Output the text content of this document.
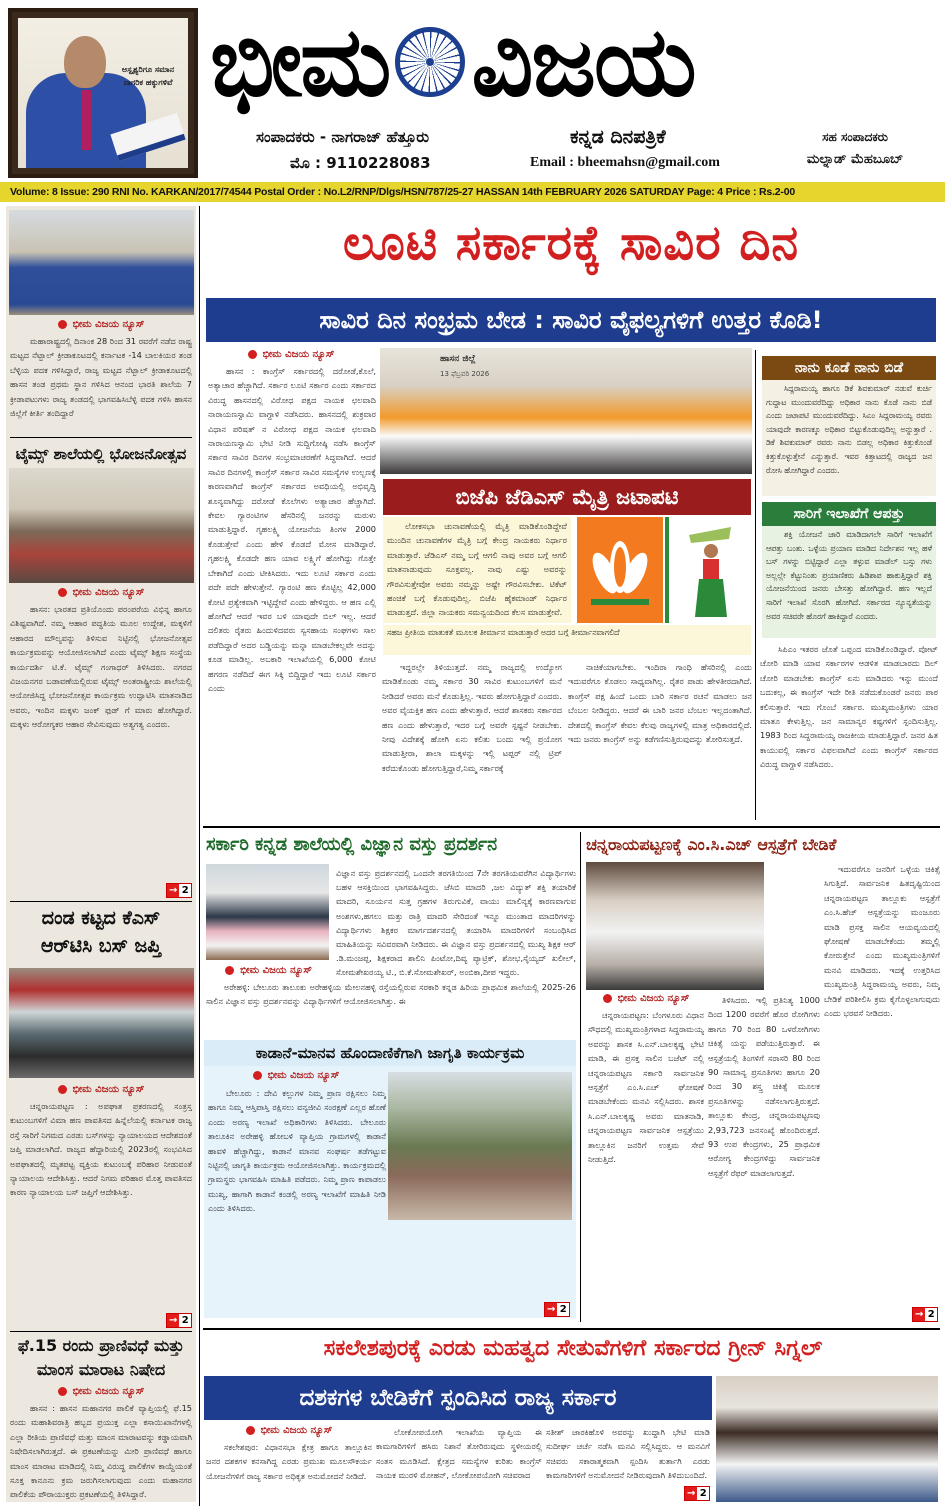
ಅಸ್ಪೃಶ್ಯರಿಗೂ ಸಮಾನ ನಾಗರಿಕ ಹಕ್ಕುಗಳಿವೆ ಭೀಮ ವಿಜಯ
ಸಂಪಾದಕರು - ನಾಗರಾಜ್ ಹೆತ್ತೂರು
ಮೊ : 9110228083
ಕನ್ನಡ ದಿನಪತ್ರಿಕೆ
Email : bheemahsn@gmail.com
ಸಹ ಸಂಪಾದಕರು
ಮಲ್ನಾಡ್ ಮೆಹಬೂಬ್
Volume: 8 Issue: 290 RNI No. KARKAN/2017/74544 Postal Order : No.L2/RNP/Dlgs/HSN/787/25-27 HASSAN 14th FEBRUARY 2026 SATURDAY Page: 4 Price : Rs.2-00
ಭೀಮ ವಿಜಯ ನ್ಯೂಸ್
ಮಹಾರಾಷ್ಟ್ರದಲ್ಲಿ ದಿನಾಂಕ 28 ರಿಂದ 31 ರವರೆಗೆ ನಡೆದ ರಾಷ್ಟ್ರ ಮಟ್ಟದ ನೆಟ್ಬಾಲ್ ಕ್ರೀಡಾಕೂಟದಲ್ಲಿ ಕರ್ನಾಟಕ -14 ಬಾಲಕಿಯರ ತಂಡ ಬೆಳ್ಳಿಯ ಪದಕ ಗಳಿಸಿದ್ದಾರೆ, ರಾಜ್ಯ ಮಟ್ಟದ ನೆಟ್ಬಾಲ್ ಕ್ರೀಡಾಕೂಟದಲ್ಲಿ ಹಾಸನ ತಂಡ ಪ್ರಥಮ ಸ್ಥಾನ ಗಳಿಸಿದ ಆನಂದ ಭಾರತಿ ಶಾಲೆಯ 7 ಕ್ರೀಡಾಪಟುಗಳು ರಾಜ್ಯ ತಂಡದಲ್ಲಿ ಭಾಗವಹಿಸಿಬೆಳ್ಳಿ ಪದಕ ಗಳಿಸಿ ಹಾಸನ ಜಿಲ್ಲೆಗೆ ಕೀರ್ತಿ ತಂದಿದ್ದಾರೆ
ಟೈಮ್ಸ್ ಶಾಲೆಯಲ್ಲಿ ಭೋಜನೋತ್ಸವ
ಭೀಮ ವಿಜಯ ನ್ಯೂಸ್
ಹಾಸನ: ಭಾರತದ ಪ್ರತಿಯೊಂದು ಪರಂಪರೆಯ ವಿಭಿನ್ನ ಹಾಗೂ ವಿಶಿಷ್ಟವಾಗಿದೆ. ನಮ್ಮ ಆಹಾರ ಪದ್ಧತಿಯ ಮೂಲ ಉದ್ದೇಶ, ಮಕ್ಕಳಿಗೆ ಆಹಾರದ ಮೌಲ್ಯವನ್ನು ತಿಳಿಸುವ ನಿಟ್ಟಿನಲ್ಲಿ ಭೋಜನೋತ್ಸವ ಕಾರ್ಯಕ್ರಮವನ್ನು ಆಯೋಜಿಸಲಾಗಿದೆ ಎಂದು ಟೈಮ್ಸ್ ಶಿಕ್ಷಣ ಸಂಸ್ಥೆಯ ಕಾರ್ಯದರ್ಶಿ ಟಿ.ಕೆ. ಟೈಮ್ಸ್ ಗಂಗಾಧರ್ ತಿಳಿಸಿದರು. ನಗರದ ವಿಜಯನಗರ ಬಡಾವಣೆಯಲ್ಲಿರುವ ಟೈಮ್ಸ್ ಅಂತರಾಷ್ಟ್ರೀಯ ಶಾಲೆಯಲ್ಲಿ ಆಯೋಜಿಸಿದ್ದ ಭೋಜನೋತ್ಸವ ಕಾರ್ಯಕ್ರಮ ಉದ್ಘಾಟಿಸಿ ಮಾತನಾಡಿದ ಅವರು, ಇಂದಿನ ಮಕ್ಕಳು ಜಂಕ್ ಫುಡ್ ಗೆ ಮಾರು ಹೋಗಿದ್ದಾರೆ. ಮಕ್ಕಳು ಆರೋಗ್ಯಕರ ಆಹಾರ ಸೇವಿಸುವುದು ಅತ್ಯಗತ್ಯ ಎಂದರು.
→ 2
ದಂಡ ಕಟ್ಟದ ಕೆಎಸ್ ಆರ್‌ಟಿಸಿ ಬಸ್ ಜಪ್ತಿ
ಭೀಮ ವಿಜಯ ನ್ಯೂಸ್
ಚನ್ನರಾಯಪಟ್ಟಣ : ಅಪಘಾತ ಪ್ರಕರಣದಲ್ಲಿ ಸಂತ್ರಸ್ತ ಕುಟುಂಬಗಳಿಗೆ ವಿಮಾ ಹಣ ಪಾವತಿಸದ ಹಿನ್ನೆಲೆಯಲ್ಲಿ ಕರ್ನಾಟಕ ರಾಜ್ಯ ರಸ್ತೆ ಸಾರಿಗೆ ನಿಗಮದ ಎರಡು ಬಸ್‌ಗಳನ್ನು ನ್ಯಾಯಾಲಯದ ಆದೇಶದಂತೆ ಜಪ್ತಿ ಮಾಡಲಾಗಿದೆ. ರಾಜ್ಯದ ಹೆದ್ದಾರಿಯಲ್ಲಿ 2023ರಲ್ಲಿ ಸಂಭವಿಸಿದ ಅಪಘಾತದಲ್ಲಿ ಮೃತಪಟ್ಟ ವ್ಯಕ್ತಿಯ ಕುಟುಂಬಕ್ಕೆ ಪರಿಹಾರ ನೀಡುವಂತೆ ನ್ಯಾಯಾಲಯ ಆದೇಶಿಸಿತ್ತು. ಆದರೆ ನಿಗಮ ಪರಿಹಾರ ಮೊತ್ತ ಪಾವತಿಸದ ಕಾರಣ ನ್ಯಾಯಾಲಯ ಬಸ್ ಜಪ್ತಿಗೆ ಆದೇಶಿಸಿತ್ತು.
→ 2
ಫೆ.15 ರಂದು ಪ್ರಾಣಿವಧೆ ಮತ್ತು ಮಾಂಸ ಮಾರಾಟ ನಿಷೇದ
ಭೀಮ ವಿಜಯ ನ್ಯೂಸ್
ಹಾಸನ : ಹಾಸನ ಮಹಾನಗರ ಪಾಲಿಕೆ ವ್ಯಾಪ್ತಿಯಲ್ಲಿ ಫೆ.15 ರಂದು ಮಹಾಶಿವರಾತ್ರಿ ಹಬ್ಬದ ಪ್ರಯುಕ್ತ ಎಲ್ಲಾ ಕಸಾಯಿಖಾನೆಗಳಲ್ಲಿ ಎಲ್ಲಾ ರೀತಿಯ ಪ್ರಾಣಿವಧೆ ಮತ್ತು ಮಾಂಸ ಮಾರಾಟವನ್ನು ಕಡ್ಡಾಯವಾಗಿ ನಿಷೇದಿಸಲಾಗಿರುತ್ತದೆ. ಈ ಪ್ರಕಟಣೆಯನ್ನು ಮೀರಿ ಪ್ರಾಣಿವಧೆ ಹಾಗೂ ಮಾಂಸ ಮಾರಾಟ ಮಾಡಿದಲ್ಲಿ ನಿಮ್ಮ ವಿರುದ್ಧ ಪಾಲಿಕೆಗಳ ಕಾಯ್ದೆಯಂತೆ ಸೂಕ್ತ ಕಾನೂನು ಕ್ರಮ ಜರುಗಿಸಲಾಗುವುದು ಎಂದು ಮಹಾನಗರ ಪಾಲಿಕೆಯ ಪೌರಾಯುಕ್ತರು ಪ್ರಕಟಣೆಯಲ್ಲಿ ತಿಳಿಸಿದ್ದಾರೆ.
ಲೂಟಿ ಸರ್ಕಾರಕ್ಕೆ ಸಾವಿರ ದಿನ
ಸಾವಿರ ದಿನ ಸಂಭ್ರಮ ಬೇಡ : ಸಾವಿರ ವೈಫಲ್ಯಗಳಿಗೆ ಉತ್ತರ ಕೊಡಿ!
ಭೀಮ ವಿಜಯ ನ್ಯೂಸ್
ಹಾಸನ : ಕಾಂಗ್ರೆಸ್ ಸರ್ಕಾರದಲ್ಲಿ ದರೋಡೆ,ಕೊಲೆ, ಅತ್ಯಾಚಾರ ಹೆಚ್ಚಾಗಿದೆ. ಸರ್ಕಾರ ಲೂಟಿ ಸರ್ಕಾರ ಎಂದು ಸರ್ಕಾರದ ವಿರುದ್ಧ ಹಾಸನದಲ್ಲಿ ವಿರೋಧ ಪಕ್ಷದ ನಾಯಕ ಛಲವಾದಿ ನಾರಾಯಣಸ್ವಾಮಿ ವಾಗ್ದಾಳಿ ನಡೆಸಿದರು. ಹಾಸನದಲ್ಲಿ ಶುಕ್ರವಾರ ವಿಧಾನ ಪರಿಷತ್ ನ ವಿರೋಧ ಪಕ್ಷದ ನಾಯಕ ಛಲವಾದಿ ನಾರಾಯಣಸ್ವಾಮಿ ಭೇಟಿ ನೀಡಿ ಸುದ್ದಿಗೋಷ್ಠಿ ನಡೆಸಿ ಕಾಂಗ್ರೆಸ್ ಸರ್ಕಾರ ಸಾವಿರ ದಿನಗಳ ಸಂಭ್ರಮಾಚರಣೆಗೆ ಸಿದ್ಧವಾಗಿದೆ. ಆದರೆ ಸಾವಿರ ದಿನಗಳಲ್ಲಿ ಕಾಂಗ್ರೆಸ್ ಸರ್ಕಾರ ಸಾವಿರ ಸಮಸ್ಯೆಗಳ ಉಲ್ಬಣಕ್ಕೆ ಕಾರಣವಾಗಿದೆ ಕಾಂಗ್ರೆಸ್ ಸರ್ಕಾರದ ಅವಧಿಯಲ್ಲಿ ಅಭಿವೃದ್ಧಿ ಶೂನ್ಯವಾಗಿದ್ದು ದರೋಡೆ ಕೊಲೆಗಳು ಅತ್ಯಾಚಾರ ಹೆಚ್ಚಾಗಿದೆ. ಕೇವಲ ಗ್ಯಾರಂಟಿಗಳ ಹೆಸರಿನಲ್ಲಿ ಜನರನ್ನು ಮರುಳು ಮಾಡುತ್ತಿದ್ದಾರೆ. ಗೃಹಲಕ್ಷ್ಮಿ ಯೋಜನೆಯ ತಿಂಗಳ 2000 ಕೊಡುತ್ತೇವೆ ಎಂದು ಹೇಳಿ ಕೊಡದೆ ಮೋಸ ಮಾಡಿದ್ದಾರೆ. ಗೃಹಲಕ್ಷ್ಮಿ ಕೊಡದೇ ಹಣ ಯಾವ ಲಕ್ಷ್ಮಿಗೆ ಹೋಗಿದ್ದು ಗೊತ್ತೇ ಬೇಕಾಗಿದೆ ಎಂದು ಟೀಕಿಸಿದರು. ಇದು ಲೂಟಿ ಸರ್ಕಾರ ಎಂದು ಪದೇ ಪದೇ ಹೇಳುತ್ತೇನೆ. ಗ್ಯಾರಂಟಿ ಹಣ ಕೊಟ್ಟಿಲ್ಲ 42,000 ಕೋಟಿ ಪ್ರತ್ಯೇಕವಾಗಿ ಇಟ್ಟಿದ್ದೇವೆ ಎಂದು ಹೇಳಿದ್ದರು. ಆ ಹಣ ಎಲ್ಲಿ ಹೋಗಿದೆ ಆದರೆ ಇವರ ಬಳಿ ಯಾವುದೇ ಬಿಲ್ ಇಲ್ಲ. ಆದರೆ ದಲಿತರು ರೈತರು ಹಿಂದುಳಿದವರು ಸ್ವಸಹಾಯ ಸಂಘಗಳು ಸಾಲ ಪಡೆದಿದ್ದಾರೆ ಅದರ ಬಡ್ಡಿಯನ್ನು ಮನ್ನಾ ಮಾಡಬೇಕಲ್ಲವೇ ಅದನ್ನು ಕೂಡ ಮಾಡಿಲ್ಲ. ಅಬಕಾರಿ ಇಲಾಖೆಯಲ್ಲಿ 6,000 ಕೋಟಿ ಹಗರಣ ನಡೆದಿದೆ ಈಗ ಸಿಕ್ಕಿ ಬಿದ್ದಿದ್ದಾರೆ ಇದು ಲೂಟಿ ಸರ್ಕಾರ ಎಂದು
ಹಾಸನ ಜಿಲ್ಲೆ
13 ಫೆಬ್ರವರಿ 2026
ಬಿಜೆಪಿ ಜೆಡಿಎಸ್ ಮೈತ್ರಿ ಜಟಾಪಟಿ
ಲೋಕಸಭಾ ಚುನಾವಣೆಯಲ್ಲಿ ಮೈತ್ರಿ ಮಾಡಿಕೊಂಡಿದ್ದೇವೆ ಮುಂದಿನ ಚುನಾವಣೆಗಳ ಮೈತ್ರಿ ಬಗ್ಗೆ ಕೇಂದ್ರ ನಾಯಕರು ನಿರ್ಧಾರ ಮಾಡುತ್ತಾರೆ. ಜೆಡಿಎಸ್ ನಮ್ಮ ಬಗ್ಗೆ ಆಗಲಿ ನಾವು ಅವರ ಬಗ್ಗೆ ಆಗಲಿ ಮಾತನಾಡುವುದು ಸೂಕ್ತವಲ್ಲ. ನಾವು ಎಷ್ಟು ಅವರನ್ನು ಗೌರವಿಸುತ್ತೇವೋ ಅವರು ನಮ್ಮನ್ನು ಅಷ್ಟೇ ಗೌರವಿಸಬೇಕು. ಟಿಕೆಟ್ ಹಂಚಿಕೆ ಬಗ್ಗೆ ಕೊಡುವುದಿಲ್ಲ. ಬಿಜೆಪಿ ಹೈಕಮಾಂಡ್ ನಿರ್ಧಾರ ಮಾಡುತ್ತದೆ. ಜಿಲ್ಲಾ ನಾಯಕರು ಸಮನ್ವಯದಿಂದ ಕೆಲಸ ಮಾಡುತ್ತೇವೆ.
ಸಹಜ ಪ್ರೀತಿಯ ಮಾತುಕತೆ ಮೂಲಕ ತೀರ್ಮಾನ ಮಾಡುತ್ತಾರೆ ಅದರ ಬಗ್ಗೆ ತೀರ್ಮಾನವಾಗಲಿದೆ
ಇದ್ದರಲ್ಲೇ ತಿಳಿಯುತ್ತದೆ. ನಮ್ಮ ರಾಜ್ಯದಲ್ಲಿ ಉದ್ಯೋಗ ಮಾಡಿಕೊಂಡು ನಮ್ಮ ಸರ್ಕಾರ 30 ಸಾವಿರ ಕುಟುಂಬಗಳಿಗೆ ಮನೆ ನೀಡಿದರೆ ಅವರು ಮನೆ ಕೊಡುತ್ತಿಲ್ಲ. ಇವರು ಹೋಗುತ್ತಿದ್ದಾರೆ ಎಂದರು. ಅವರ ವೈಯಕ್ತಿಕ ಹಣ ಎಂದು ಹೇಳುತ್ತಾರೆ. ಆದರೆ ಶಾಸಕರು ಸರ್ಕಾರದ ಹಣ ಎಂದು ಹೇಳುತ್ತಾರೆ, ಇದರ ಬಗ್ಗೆ ಅವರೇ ಸ್ಪಷ್ಟನೆ ನೀಡಬೇಕು. ನೀವು ವಿದೇಶಕ್ಕೆ ಹೋಗಿ ಏನು ಕಲಿತು ಬಂದು ಇಲ್ಲಿ ಪ್ರಯೋಗ ಮಾಡುತ್ತೀರಾ, ಶಾಲಾ ಮಕ್ಕಳನ್ನು ಇಲ್ಲಿ ಟಪ್ಪರ್ ನಲ್ಲಿ ಟ್ರಿಪ್ ಕರೆದುಕೊಂಡು ಹೋಗುತ್ತಿದ್ದಾರೆ,ನಿಮ್ಮ ಸರ್ಕಾರಕ್ಕೆ
ನಾಚಿಕೆಯಾಗಬೇಕು. ಇಂದಿರಾ ಗಾಂಧಿ ಹೆಸರಿನಲ್ಲಿ ಎಂದು ಇದುವರೆಗೂ ಕೊಡಲು ಸಾಧ್ಯವಾಗಿಲ್ಲ. ರೈತರ ಪಾಡು ಹೇಳತೀರದಾಗಿದೆ. ಕಾಂಗ್ರೆಸ್ ಪಕ್ಷ ಹಿಂದೆ ಒಂದು ಬಾರಿ ಸರ್ಕಾರ ರಚನೆ ಮಾಡಲು ಜನ ಬೆಂಬಲ ನೀಡಿದ್ದರು. ಆದರೆ ಈ ಬಾರಿ ಜನರ ಬೆಂಬಲ ಇಲ್ಲದಂತಾಗಿದೆ. ದೇಶದಲ್ಲಿ ಕಾಂಗ್ರೆಸ್ ಕೇವಲ ಕೆಲವು ರಾಜ್ಯಗಳಲ್ಲಿ ಮಾತ್ರ ಅಧಿಕಾರದಲ್ಲಿದೆ. ಇದು ಜನರು ಕಾಂಗ್ರೆಸ್ ಅನ್ನು ಕಡೆಗಣಿಸುತ್ತಿರುವುದನ್ನು ತೋರಿಸುತ್ತದೆ.
ನಾನು ಕೂಡೆ ನಾನು ಬಿಡೆ
ಸಿದ್ದರಾಮಯ್ಯ ಹಾಗೂ ಡಿಕೆ ಶಿವಕುಮಾರ್ ನಡುವೆ ಕುರ್ಚಿ ಗುದ್ದಾಟ ಮುಂದುವರೆದಿದ್ದು ಅಧಿಕಾರ ನಾನು ಕೊಡೆ ನಾನು ಬಿಡೆ ಎಂದು ಜಟಾಪಟಿ ಮುಂದುವರೆದಿದ್ದು. ಸಿಎಂ ಸಿದ್ದರಾಮಯ್ಯ ರವರು ಯಾವುದೇ ಕಾರಣಕ್ಕೂ ಅಧಿಕಾರ ಬಿಟ್ಟುಕೊಡುವುದಿಲ್ಲ ಅನ್ನುತ್ತಾರೆ . ಡಿಕೆ ಶಿವಕುಮಾರ್ ರವರು ನಾನು ಬಿಡಲ್ಲ ಅಧಿಕಾರ ಕಿತ್ತುಕೊಂಡೆ ಕಿತ್ತುಕೊಳ್ಳುತ್ತೇನೆ ಎನ್ನುತ್ತಾರೆ. ಇವರ ಕಿತ್ತಾಟದಲ್ಲಿ ರಾಜ್ಯದ ಜನ ರೋಸಿ ಹೋಗಿದ್ದಾರೆ ಎಂದರು.
ಸಾರಿಗೆ ಇಲಾಖೆಗೆ ಆಪತ್ತು
ಶಕ್ತಿ ಯೋಜನೆ ಜಾರಿ ಮಾಡಿದಾಗಲೇ ಸಾರಿಗೆ ಇಲಾಖೆಗೆ ಆಪತ್ತು ಬಂತು. ಒಳ್ಳೆಯ ಪ್ರಯಾಣ ಮಾಡಿದ ನಿರ್ದೇಶನ ಇಲ್ಲ ಹಳೆ ಬಸ್ ಗಳನ್ನು ಬಿಟ್ಟಿದ್ದಾರೆ ಎಲ್ಲಾ ತಳ್ಳುವ ಮಾಡೆಲ್ ಬಸ್ಸು ಗಳು ಅಲ್ಲಲ್ಲೇ ಕೆಟ್ಟುನಿಂತು ಪ್ರಯಾಣಿಕರು ಹಿಡಿಶಾಪ ಹಾಕುತ್ತಿದ್ದಾರೆ ಶಕ್ತಿ ಯೋಜನೆಯಿಂದ ಜನರು ಬೇಸತ್ತು ಹೋಗಿದ್ದಾರೆ. ಹಣ ಇಲ್ಲದೆ ಸಾರಿಗೆ ಇಲಾಖೆ ಸೊರಗಿ ಹೋಗಿದೆ. ಸರ್ಕಾರದ ನ್ಯೂನ್ಯತೆಯನ್ನು ಅವರ ಸಚಿವರೇ ಹೊರಗೆ ಹಾಕಿದ್ದಾರೆ ಎಂದರು.
ಸಿಪಿಎಂ ಇತರರ ಜೊತೆ ಒಪ್ಪಂದ ಮಾಡಿಕೊಂಡಿದ್ದಾರೆ. ವೋಟ್ ಚೋರಿ ಮಾಡಿ ಯಾವ ಸರ್ಕಾರಗಳ ಆಡಳಿತ ಮಾಡಬಾರದು ದಿಲ್ ಚೋರಿ ಮಾಡಬೇಕು ಕಾಂಗ್ರೆಸ್ ಏನು ಮಾಡಿದರು ಇನ್ನು ಮುಂದೆ ಬದುಕಲ್ಲ, ಈ ಕಾಂಗ್ರೆಸ್ ಇದೇ ರೀತಿ ನಡೆದುಕೊಂಡರೆ ಜನರು ಪಾಠ ಕಲಿಸುತ್ತಾರೆ. ಇದು ಗೊಂಬೆ ಸರ್ಕಾರ. ಮುಖ್ಯಮಂತ್ರಿಗಳು ಯಾರ ಮಾತೂ ಕೇಳುತ್ತಿಲ್ಲ. ಜನ ಸಾಮಾನ್ಯರ ಕಷ್ಟಗಳಿಗೆ ಸ್ಪಂದಿಸುತ್ತಿಲ್ಲ. 1983 ರಿಂದ ಸಿದ್ದರಾಮಯ್ಯ ರಾಜಕೀಯ ಮಾಡುತ್ತಿದ್ದಾರೆ. ಜನರ ಹಿತ ಕಾಯುವಲ್ಲಿ ಸರ್ಕಾರ ವಿಫಲವಾಗಿದೆ ಎಂದು ಕಾಂಗ್ರೆಸ್ ಸರ್ಕಾರದ ವಿರುದ್ಧ ವಾಗ್ದಾಳಿ ನಡೆಸಿದರು.
ಸರ್ಕಾರಿ ಕನ್ನಡ ಶಾಲೆಯಲ್ಲಿ ವಿಜ್ಞಾನ ವಸ್ತು ಪ್ರದರ್ಶನ
ಭೀಮ ವಿಜಯ ನ್ಯೂಸ್
ಅರೇಹಳ್ಳಿ: ಬೇಲೂರು ತಾಲೂಕು ಅರೇಹಳ್ಳಿಯ ಮೇಲನಹಳ್ಳಿ ರಸ್ತೆಯಲ್ಲಿರುವ ಸರಕಾರಿ ಕನ್ನಡ ಹಿರಿಯ ಪ್ರಾಥಮಿಕ ಶಾಲೆಯಲ್ಲಿ 2025-26 ಸಾಲಿನ ವಿಜ್ಞಾನ ವಸ್ತು ಪ್ರದರ್ಶನವನ್ನು ವಿದ್ಯಾರ್ಥಿಗಳಿಗೆ ಆಯೋಜಿಸಲಾಗಿತ್ತು. ಈ
ವಿಜ್ಞಾನ ವಸ್ತು ಪ್ರದರ್ಶನದಲ್ಲಿ ಒಂದನೇ ತರಗತಿಯಿಂದ 7ನೇ ತರಗತಿಯವರೆಗಿನ ವಿದ್ಯಾರ್ಥಿಗಳು ಬಹಳ ಆಸಕ್ತಿಯಿಂದ ಭಾಗವಹಿಸಿದ್ದರು. ಜೆಸಿಬಿ ಮಾದರಿ ,ಜಲ ವಿದ್ಯುತ್ ಶಕ್ತಿ ತಯಾರಿಕೆ ಮಾದರಿ, ಸೂರ್ಯನ ಸುತ್ತ ಗ್ರಹಗಳ ತಿರುಗುವಿಕೆ, ವಾಯು ಮಾಲಿನ್ಯಕ್ಕೆ ಕಾರಣವಾಗುವ ಅಂಶಗಳು,ಹಗಲು ಮತ್ತು ರಾತ್ರಿ ಮಾದರಿ ಸೇರಿದಂತೆ ಇನ್ನೂ ಮುಂತಾದ ಮಾದರಿಗಳನ್ನು ವಿದ್ಯಾರ್ಥಿಗಳು ಶಿಕ್ಷಕರ ಮಾರ್ಗದರ್ಶನದಲ್ಲಿ ತಯಾರಿಸಿ ಮಾದರಿಗಳಿಗೆ ಸಂಬಂಧಿಸಿದ ಮಾಹಿತಿಯನ್ನು ಸವಿವರವಾಗಿ ನೀಡಿದರು. ಈ ವಿಜ್ಞಾನ ವಸ್ತು ಪ್ರದರ್ಶನದಲ್ಲಿ ಮುಖ್ಯ ಶಿಕ್ಷಕ ಆರ್ .ಡಿ.ಮಂಜಪ್ಪ, ಶಿಕ್ಷಕರಾದ ಶಾಲಿನಿ ಪಿಂಟೋ,ದಿವ್ಯ ಪ್ಯಾಟ್ರಿಕ್, ಶೋಭ,ಸೈಯ್ಯದ್ ಖಲೀಲ್, ಸೋಮಶೇಖರಯ್ಯ ಟಿ., ಬಿ.ಕೆ.ಸೋಮಶೇಖರ್, ಅಂಬಿಕಾ,ದೀಪ ಇದ್ದರು.
ಕಾಡಾನೆ-ಮಾನವ ಹೊಂದಾಣಿಕೆಗಾಗಿ ಜಾಗೃತಿ ಕಾರ್ಯಕ್ರಮ
ಭೀಮ ವಿಜಯ ನ್ಯೂಸ್
ಬೇಲೂರು : ದೇವಿ ಕಲ್ಲುಗಳ ನಿಮ್ಮ ಪ್ರಾಣ ರಕ್ಷಿಸಲು ನಿಮ್ಮ ಹಾಗೂ ನಿಮ್ಮ ಆಸ್ತಿಪಾಸ್ತಿ ರಕ್ಷಿಸಲು ವನ್ಯಜೀವಿ ಸಂರಕ್ಷಣೆ ಎಲ್ಲರ ಹೊಣೆ ಎಂದು ಅರಣ್ಯ ಇಲಾಖೆ ಅಧಿಕಾರಿಗಳು ತಿಳಿಸಿದರು. ಬೇಲೂರು ತಾಲೂಕಿನ ಅರೇಹಳ್ಳಿ ಹೋಬಳಿ ವ್ಯಾಪ್ತಿಯ ಗ್ರಾಮಗಳಲ್ಲಿ ಕಾಡಾನೆ ಹಾವಳಿ ಹೆಚ್ಚಾಗಿದ್ದು, ಕಾಡಾನೆ ಮಾನವ ಸಂಘರ್ಷ ತಡೆಗಟ್ಟುವ ನಿಟ್ಟಿನಲ್ಲಿ ಜಾಗೃತಿ ಕಾರ್ಯಕ್ರಮ ಆಯೋಜಿಸಲಾಗಿತ್ತು. ಕಾರ್ಯಕ್ರಮದಲ್ಲಿ ಗ್ರಾಮಸ್ಥರು ಭಾಗವಹಿಸಿ ಮಾಹಿತಿ ಪಡೆದರು. ನಿಮ್ಮ ಪ್ರಾಣ ಕಾಪಾಡಲು ಮುಖ್ಯ, ಹಾಗಾಗಿ ಕಾಡಾನೆ ಕಂಡಲ್ಲಿ ಅರಣ್ಯ ಇಲಾಖೆಗೆ ಮಾಹಿತಿ ನೀಡಿ ಎಂದು ತಿಳಿಸಿದರು.
→ 2
ಚನ್ನರಾಯಪಟ್ಟಣಕ್ಕೆ ಎಂ.ಸಿ.ಎಚ್ ಆಸ್ಪತ್ರೆಗೆ ಬೇಡಿಕೆ
ಭೀಮ ವಿಜಯ ನ್ಯೂಸ್
ಚನ್ನರಾಯಪಟ್ಟಣ: ಬೆಂಗಳೂರು ವಿಧಾನ ಸೌಧದಲ್ಲಿ ಮುಖ್ಯಮಂತ್ರಿಗಳಾದ ಸಿದ್ದರಾಮಯ್ಯ ಅವರನ್ನು ಶಾಸಕ ಸಿ.ಎನ್.ಬಾಲಕೃಷ್ಣ ಭೇಟಿ ಮಾಡಿ, ಈ ಪ್ರಸಕ್ತ ಸಾಲಿನ ಬಜೆಟ್ ನಲ್ಲಿ ಚನ್ನರಾಯಪಟ್ಟಣ ಸರ್ಕಾರಿ ಸಾರ್ವಜನಿಕ ಆಸ್ಪತ್ರೆಗೆ ಎಂ.ಸಿ.ಎಚ್ ಘೋಷಣೆ ಮಾಡಬೇಕೆಂದು ಮನವಿ ಸಲ್ಲಿಸಿದರು. ಶಾಸಕ ಸಿ.ಎನ್.ಬಾಲಕೃಷ್ಣ ಅವರು ಮಾತನಾಡಿ, ಚನ್ನರಾಯಪಟ್ಟಣ ಸಾರ್ವಜನಿಕ ಆಸ್ಪತ್ರೆಯು ತಾಲ್ಲೂಕಿನ ಜನರಿಗೆ ಉತ್ತಮ ಸೇವೆ ನೀಡುತ್ತಿದೆ.
ತಿಳಿಸಿದರು. ಇಲ್ಲಿ ಪ್ರತಿನಿತ್ಯ 1000 ದಿಂದ 1200 ರವರೆಗೆ ಹೊರ ರೋಗಿಗಳು ಹಾಗೂ 70 ರಿಂದ 80 ಒಳರೋಗಿಗಳು ಚಿಕಿತ್ಸೆ ಯನ್ನು ಪಡೆಯುತ್ತಿರುತ್ತಾರೆ. ಈ ಆಸ್ಪತ್ರೆಯಲ್ಲಿ ತಿಂಗಳಿಗೆ ಸರಾಸರಿ 80 ರಿಂದ 90 ಸಾಮಾನ್ಯ ಪ್ರಸೂತಿಗಳು ಹಾಗೂ 20 ರಿಂದ 30 ಶಸ್ತ್ರ ಚಿಕಿತ್ಸೆ ಮೂಲಕ ಪ್ರಸೂತಿಗಳನ್ನು ನಡೆಸಲಾಗುತ್ತಿರುತ್ತದೆ. ತಾಲ್ಲೂಕು ಕೇಂದ್ರ, ಚನ್ನರಾಯಪಟ್ಟಣವು 2,93,723 ಜನಸಂಖ್ಯೆ ಹೊಂದಿರುತ್ತದೆ. 93 ಉಪ ಕೇಂದ್ರಗಳು, 25 ಪ್ರಾಥಮಿಕ ಆರೋಗ್ಯ ಕೇಂದ್ರಗಳಿದ್ದು ಸಾರ್ವಜನಿಕ ಆಸ್ಪತ್ರೆಗೆ ರೆಫರ್ ಮಾಡಲಾಗುತ್ತದೆ.
ಇದುವರೆಗೂ ಜನರಿಗೆ ಒಳ್ಳೆಯ ಚಿಕಿತ್ಸೆ ಸಿಗುತ್ತಿದೆ. ಸಾರ್ವಜನಿಕ ಹಿತದೃಷ್ಟಿಯಿಂದ ಚನ್ನರಾಯಪಟ್ಟಣ ತಾಲ್ಲೂಕು ಆಸ್ಪತ್ರೆಗೆ ಎಂ.ಸಿ.ಹೆಚ್ ಆಸ್ಪತ್ರೆಯನ್ನು ಮಂಜೂರು ಮಾಡಿ ಪ್ರಸಕ್ತ ಸಾಲಿನ ಆಯವ್ಯಯದಲ್ಲಿ ಘೋಷಣೆ ಮಾಡಬೇಕೆಂದು ತಮ್ಮಲ್ಲಿ ಕೋರುತ್ತೇನೆ ಎಂದು ಮುಖ್ಯಮಂತ್ರಿಗಳಿಗೆ ಮನವಿ ಮಾಡಿದರು. ಇದಕ್ಕೆ ಉತ್ತರಿಸಿದ ಮುಖ್ಯಮಂತ್ರಿ ಸಿದ್ದರಾಮಯ್ಯ ಅವರು, ನಿಮ್ಮ ಬೇಡಿಕೆ ಪರಿಶೀಲಿಸಿ ಕ್ರಮ ಕೈಗೊಳ್ಳಲಾಗುವುದು ಎಂದು ಭರವಸೆ ನೀಡಿದರು.
→ 2
ಸಕಲೇಶಪುರಕ್ಕೆ ಎರಡು ಮಹತ್ವದ ಸೇತುವೆಗಳಿಗೆ ಸರ್ಕಾರದ ಗ್ರೀನ್ ಸಿಗ್ನಲ್
ದಶಕಗಳ ಬೇಡಿಕೆಗೆ ಸ್ಪಂದಿಸಿದ ರಾಜ್ಯ ಸರ್ಕಾರ
ಭೀಮ ವಿಜಯ ನ್ಯೂಸ್
ಸಕಲೇಶಪುರ: ವಿಧಾನಸಭಾ ಕ್ಷೇತ್ರ ಹಾಗೂ ತಾಲ್ಲೂಕಿನ ಜನರ ದಶಕಗಳ ಕನಸಾಗಿದ್ದ ಎರಡು ಪ್ರಮುಖ ಮೂಲಸೌಕರ್ಯ ಯೋಜನೆಗಳಿಗೆ ರಾಜ್ಯ ಸರ್ಕಾರ ಅಧಿಕೃತ ಅನುಮೋದನೆ ನೀಡಿದೆ.
ಲೋಕೋಪಯೋಗಿ ಇಲಾಖೆಯ ವ್ಯಾಪ್ತಿಯ ಈ ಕಾಮಗಾರಿಗಳಿಗೆ ಹಸಿರು ನಿಶಾನೆ ತೋರಿರುವುದು ಸ್ಥಳೀಯರಲ್ಲಿ ಸಂತಸ ಮೂಡಿಸಿದೆ. ಕ್ಷೇತ್ರದ ಸಮಸ್ಯೆಗಳ ಕುರಿತು ಕಾಂಗ್ರೆಸ್ ನಾಯಕ ಮುರಳಿ ಮೋಹನ್, ಲೋಕೋಪಯೋಗಿ ಸಚಿವರಾದ
ಸತೀಶ್ ಜಾರಕಿಹೊಳಿ ಅವರನ್ನು ಖುದ್ದಾಗಿ ಭೇಟಿ ಮಾಡಿ ಸುದೀರ್ಘ ಚರ್ಚೆ ನಡೆಸಿ ಮನವಿ ಸಲ್ಲಿಸಿದ್ದರು. ಆ ಮನವಿಗೆ ಸಚಿವರು ಸಕಾರಾತ್ಮಕವಾಗಿ ಸ್ಪಂದಿಸಿ ತುರ್ತಾಗಿ ಎರಡು ಕಾಮಗಾರಿಗಳಿಗೆ ಅನುಮೋದನೆ ನೀಡಿರುವುದಾಗಿ ತಿಳಿದುಬಂದಿದೆ.
→ 2
